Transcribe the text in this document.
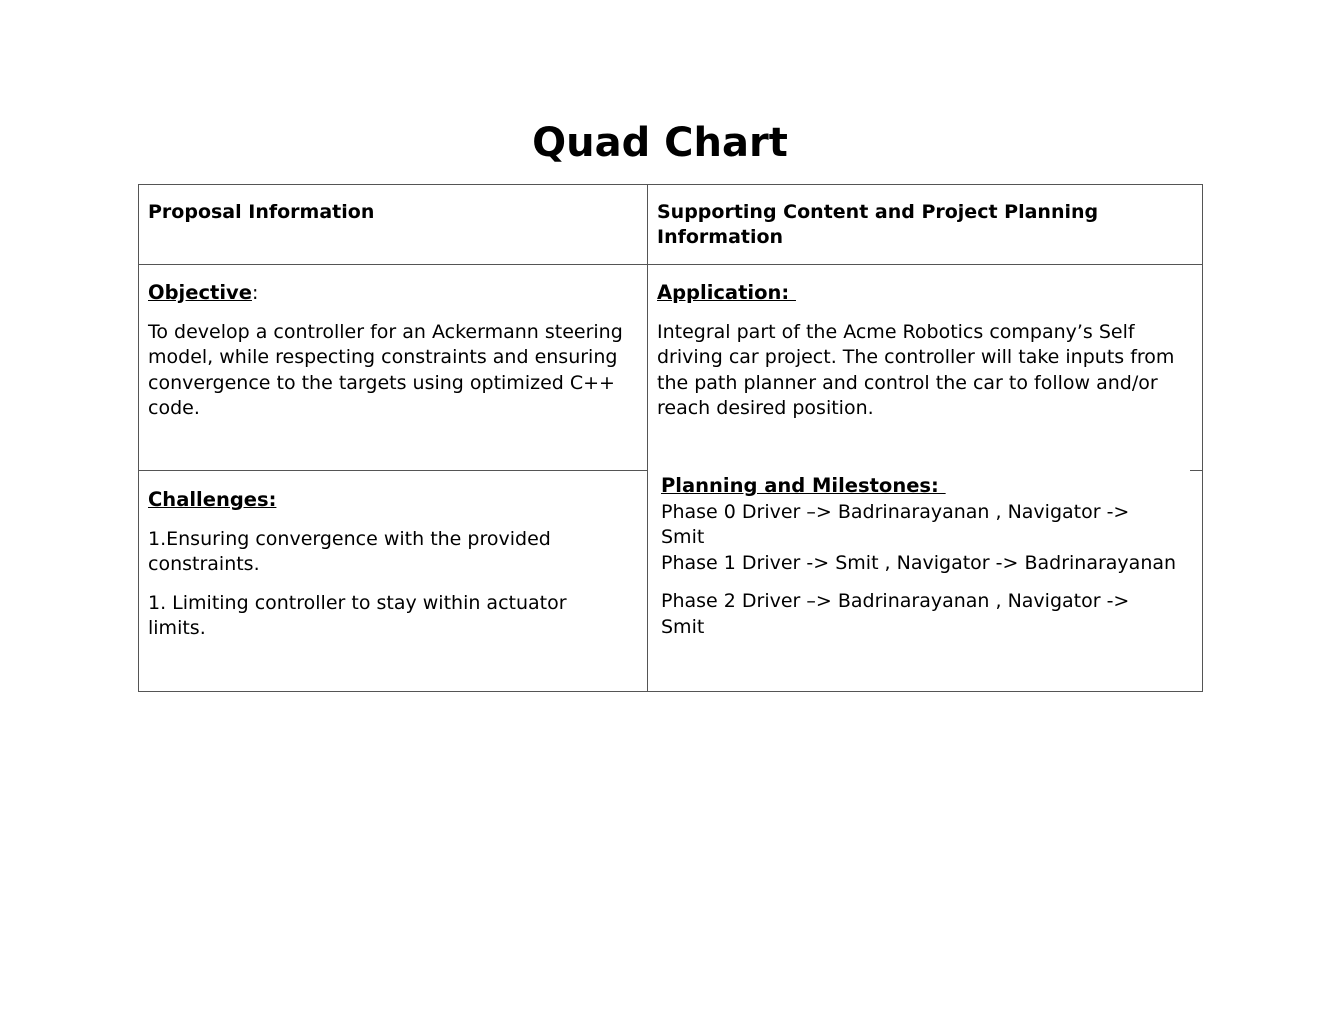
Quad Chart
Proposal Information	Supporting Content and Project Planning Information

Objective:

To develop a controller for an Ackermann steering model, while respecting constraints and ensuring convergence to the targets using optimized C++ code.

Application:

Integral part of the Acme Robotics company’s Self driving car project. The controller will take inputs from the path planner and control the car to follow and/or reach desired position.

Challenges:

1.Ensuring convergence with the provided constraints.

1. Limiting controller to stay within actuator limits.

Planning and Milestones:

Phase 0 Driver –> Badrinarayanan , Navigator -> Smit

Phase 1 Driver -> Smit , Navigator -> Badrinarayanan

Phase 2 Driver –> Badrinarayanan , Navigator -> Smit
